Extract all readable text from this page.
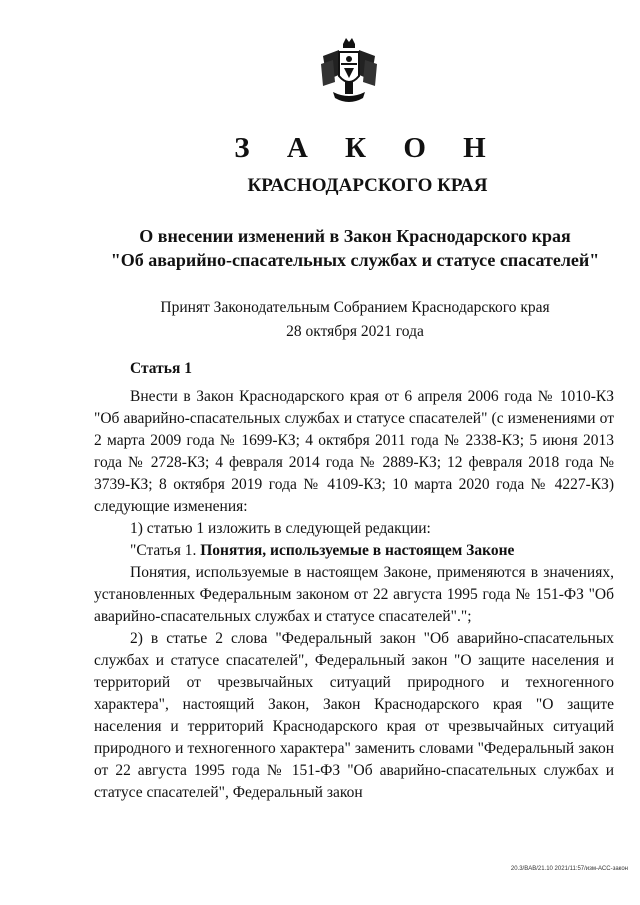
З А К О Н
КРАСНОДАРСКОГО КРАЯ
О внесении изменений в Закон Краснодарского края
"Об аварийно-спасательных службах и статусе спасателей"
Принят Законодательным Собранием Краснодарского края
28 октября 2021 года
Статья 1

Внести в Закон Краснодарского края от 6 апреля 2006 года № 1010-КЗ "Об аварийно-спасательных службах и статусе спасателей" (с изменениями от 2 марта 2009 года № 1699-КЗ; 4 октября 2011 года № 2338-КЗ; 5 июня 2013 года № 2728-КЗ; 4 февраля 2014 года № 2889-КЗ; 12 февраля 2018 года № 3739-КЗ; 8 октября 2019 года № 4109-КЗ; 10 марта 2020 года № 4227-КЗ) следующие изменения:

1) статью 1 изложить в следующей редакции:

"Статья 1. Понятия, используемые в настоящем Законе

Понятия, используемые в настоящем Законе, применяются в значениях, установленных Федеральным законом от 22 августа 1995 года № 151-ФЗ "Об аварийно-спасательных службах и статусе спасателей".";

2) в статье 2 слова "Федеральный закон "Об аварийно-спасательных службах и статусе спасателей", Федеральный закон "О защите населения и территорий от чрезвычайных ситуаций природного и техногенного характера", настоящий Закон, Закон Краснодарского края "О защите населения и территорий Краснодарского края от чрезвычайных ситуаций природного и техногенного характера" заменить словами "Федеральный закон от 22 августа 1995 года № 151-ФЗ "Об аварийно-спасательных службах и статусе спасателей", Федеральный закон

20.3/BAB/21.10 2021/11:57/изм-АСС-закон
